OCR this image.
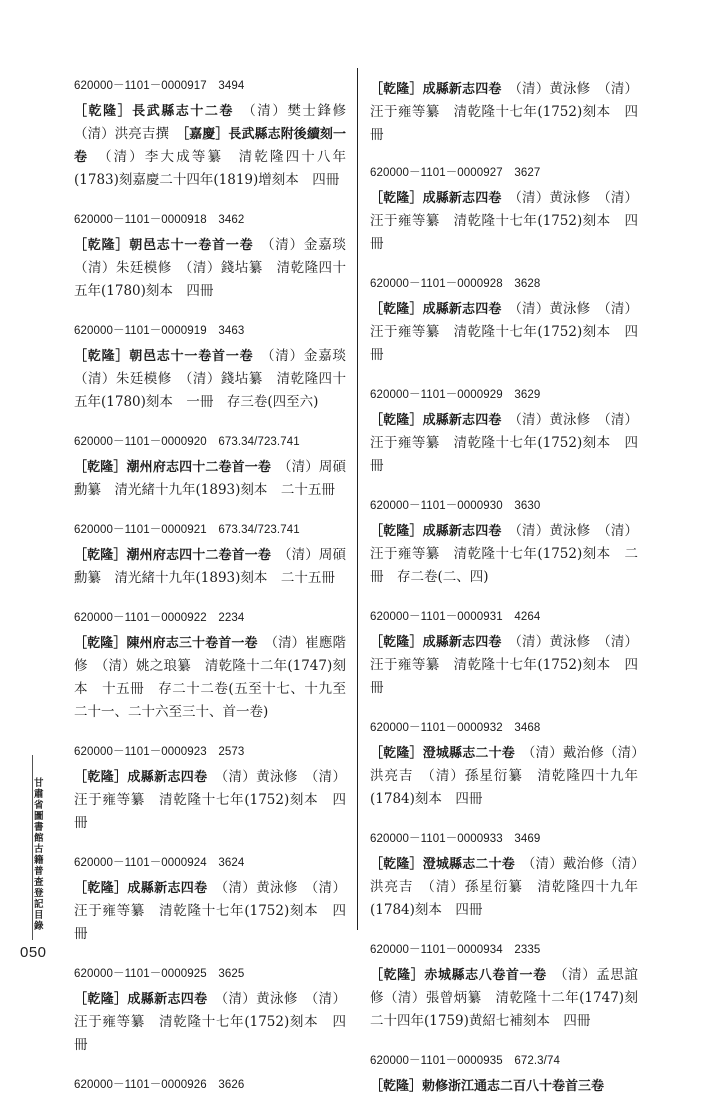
甘肅省圖書館古籍普查登記目錄
050
620000－1101－0000917　3494
［乾隆］長武縣志十二卷　 （清）樊士鋒修（清）洪亮吉撰　 ［嘉慶］長武縣志附後續刻一卷　 （清）李大成等纂　清乾隆四十八年(1783)刻嘉慶二十四年(1819)增刻本　四冊
620000－1101－0000918　3462
［乾隆］朝邑志十一卷首一卷　 （清）金嘉琰（清）朱廷模修　（清）錢坫纂　清乾隆四十五年(1780)刻本　四冊
620000－1101－0000919　3463
［乾隆］朝邑志十一卷首一卷　 （清）金嘉琰（清）朱廷模修　（清）錢坫纂　清乾隆四十五年(1780)刻本　一冊　存三卷(四至六)
620000－1101－0000920　673.34/723.741
［乾隆］潮州府志四十二卷首一卷　 （清）周碩勳纂　清光緒十九年(1893)刻本　二十五冊
620000－1101－0000921　673.34/723.741
［乾隆］潮州府志四十二卷首一卷　 （清）周碩勳纂　清光緒十九年(1893)刻本　二十五冊
620000－1101－0000922　2234
［乾隆］陳州府志三十卷首一卷　 （清）崔應階修　（清）姚之琅纂　清乾隆十二年(1747)刻本　十五冊　存二十二卷(五至十七、十九至二十一、二十六至三十、首一卷)
620000－1101－0000923　2573
［乾隆］成縣新志四卷　 （清）黄泳修　（清）汪于雍等纂　清乾隆十七年(1752)刻本　四冊
620000－1101－0000924　3624
［乾隆］成縣新志四卷　 （清）黄泳修　（清）汪于雍等纂　清乾隆十七年(1752)刻本　四冊
620000－1101－0000925　3625
［乾隆］成縣新志四卷　 （清）黄泳修　（清）汪于雍等纂　清乾隆十七年(1752)刻本　四冊
620000－1101－0000926　3626
［乾隆］成縣新志四卷　 （清）黄泳修　（清）汪于雍等纂　清乾隆十七年(1752)刻本　四冊
620000－1101－0000927　3627
［乾隆］成縣新志四卷　 （清）黄泳修　（清）汪于雍等纂　清乾隆十七年(1752)刻本　四冊
620000－1101－0000928　3628
［乾隆］成縣新志四卷　 （清）黄泳修　（清）汪于雍等纂　清乾隆十七年(1752)刻本　四冊
620000－1101－0000929　3629
［乾隆］成縣新志四卷　 （清）黄泳修　（清）汪于雍等纂　清乾隆十七年(1752)刻本　四冊
620000－1101－0000930　3630
［乾隆］成縣新志四卷　 （清）黄泳修　（清）汪于雍等纂　清乾隆十七年(1752)刻本　二冊　存二卷(二、四)
620000－1101－0000931　4264
［乾隆］成縣新志四卷　 （清）黄泳修　（清）汪于雍等纂　清乾隆十七年(1752)刻本　四冊
620000－1101－0000932　3468
［乾隆］澄城縣志二十卷　 （清）戴治修（清）洪亮吉　（清）孫星衍纂　清乾隆四十九年(1784)刻本　四冊
620000－1101－0000933　3469
［乾隆］澄城縣志二十卷　 （清）戴治修（清）洪亮吉　（清）孫星衍纂　清乾隆四十九年(1784)刻本　四冊
620000－1101－0000934　2335
［乾隆］赤城縣志八卷首一卷　 （清）孟思誼修（清）張曾炳纂　清乾隆十二年(1747)刻二十四年(1759)黄紹七補刻本　四冊
620000－1101－0000935　672.3/74
［乾隆］勅修浙江通志二百八十卷首三卷
